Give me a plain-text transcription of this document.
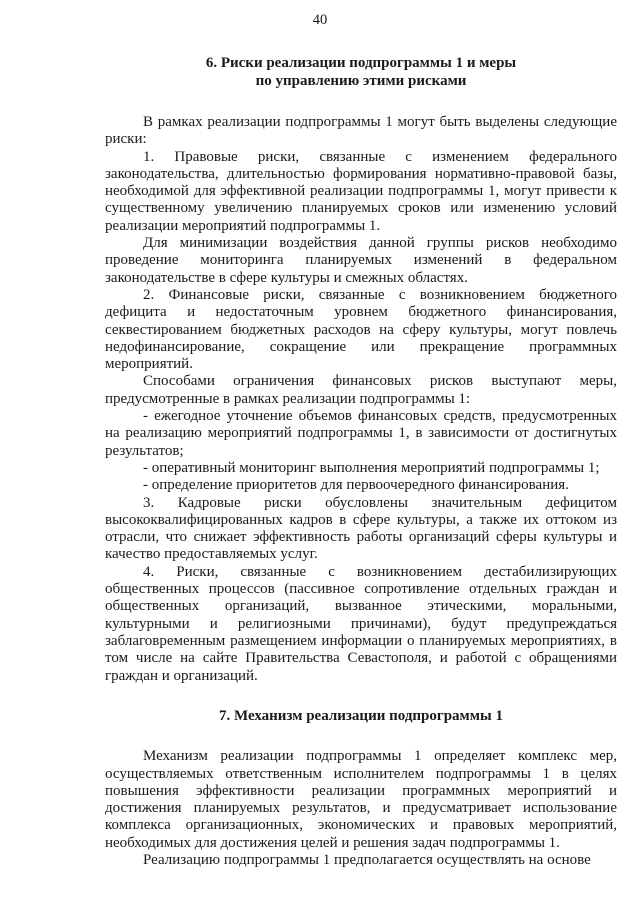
40
6. Риски реализации подпрограммы 1 и меры
по управлению этими рисками

В рамках реализации подпрограммы 1 могут быть выделены следующие риски:

1. Правовые риски, связанные с изменением федерального законодательства, длительностью формирования нормативно-правовой базы, необходимой для эффективной реализации подпрограммы 1, могут привести к существенному увеличению планируемых сроков или изменению условий реализации мероприятий подпрограммы 1.

Для минимизации воздействия данной группы рисков необходимо проведение мониторинга планируемых изменений в федеральном законодательстве в сфере культуры и смежных областях.

2. Финансовые риски, связанные с возникновением бюджетного дефицита и недостаточным уровнем бюджетного финансирования, секвестированием бюджетных расходов на сферу культуры, могут повлечь недофинансирование, сокращение или прекращение программных мероприятий.

Способами ограничения финансовых рисков выступают меры, предусмотренные в рамках реализации подпрограммы 1:

- ежегодное уточнение объемов финансовых средств, предусмотренных на реализацию мероприятий подпрограммы 1, в зависимости от достигнутых результатов;

- оперативный мониторинг выполнения мероприятий подпрограммы 1;

- определение приоритетов для первоочередного финансирования.

3. Кадровые риски обусловлены значительным дефицитом высококвалифицированных кадров в сфере культуры, а также их оттоком из отрасли, что снижает эффективность работы организаций сферы культуры и качество предоставляемых услуг.

4. Риски, связанные с возникновением дестабилизирующих общественных процессов (пассивное сопротивление отдельных граждан и общественных организаций, вызванное этическими, моральными, культурными и религиозными причинами), будут предупреждаться заблаговременным размещением информации о планируемых мероприятиях, в том числе на сайте Правительства Севастополя, и работой с обращениями граждан и организаций.

7. Механизм реализации подпрограммы 1

Механизм реализации подпрограммы 1 определяет комплекс мер, осуществляемых ответственным исполнителем подпрограммы 1 в целях повышения эффективности реализации программных мероприятий и достижения планируемых результатов, и предусматривает использование комплекса организационных, экономических и правовых мероприятий, необходимых для достижения целей и решения задач подпрограммы 1.

Реализацию подпрограммы 1 предполагается осуществлять на основе
